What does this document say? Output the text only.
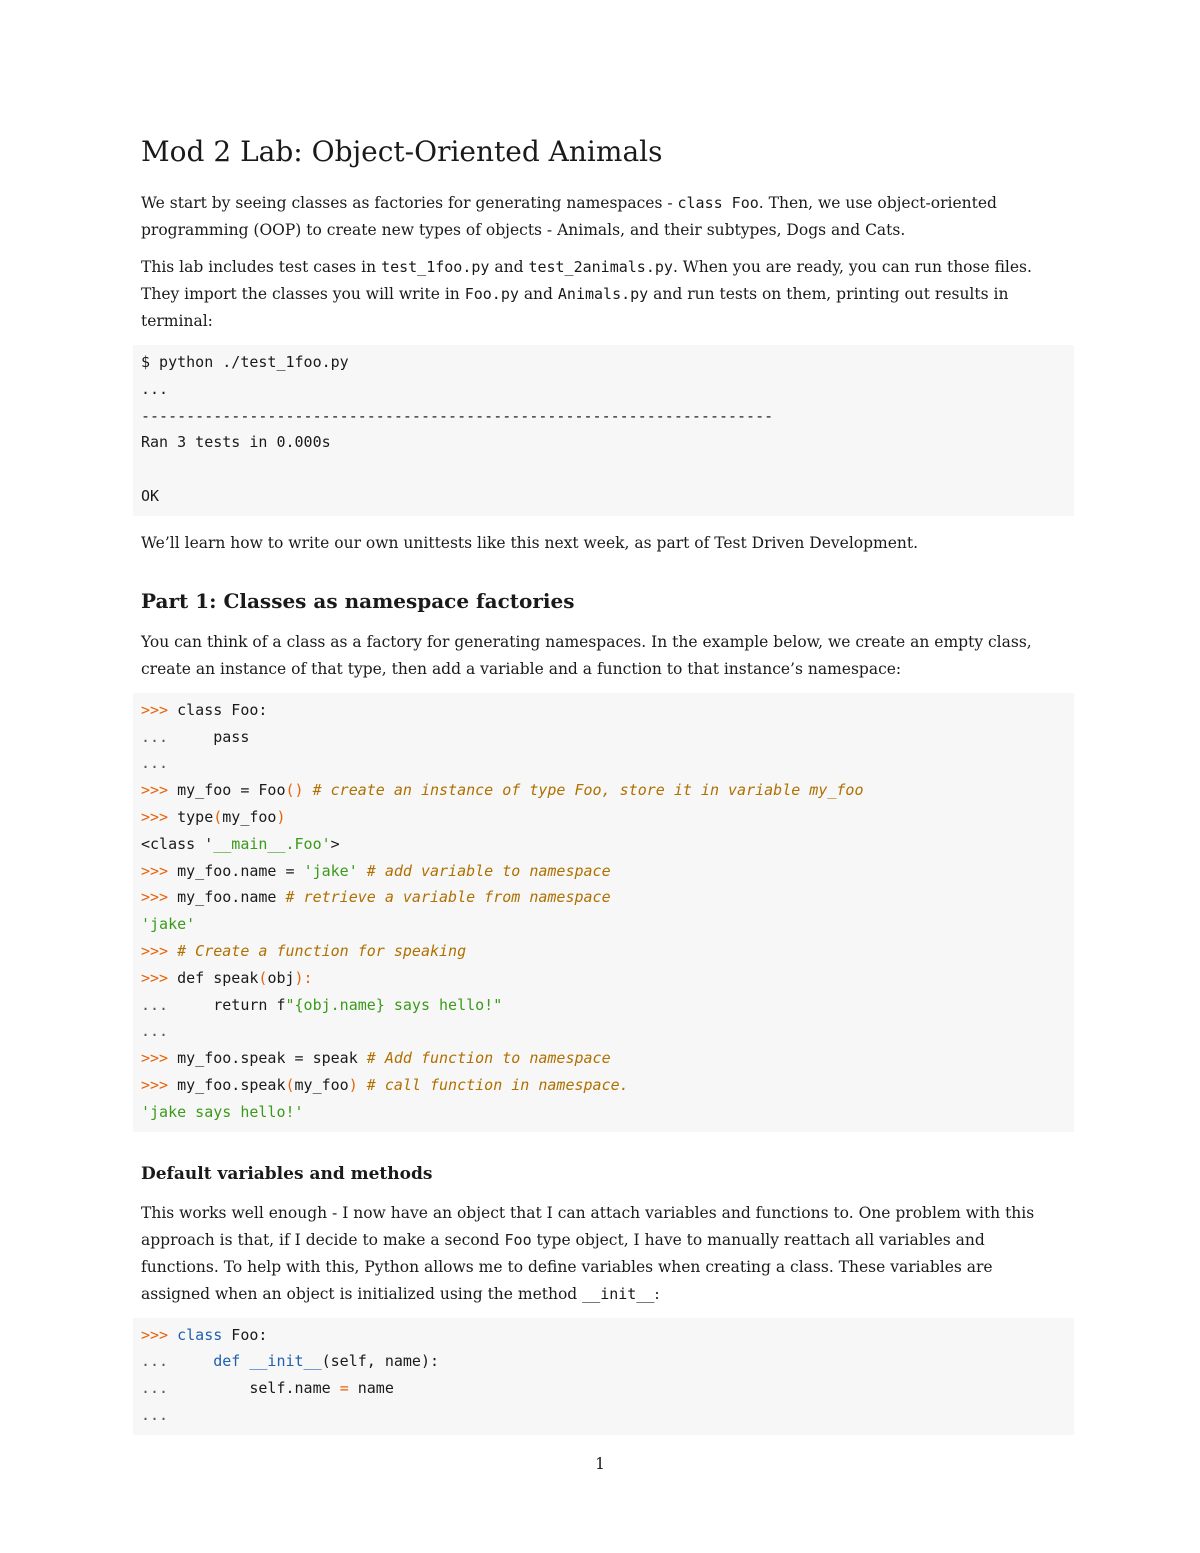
Mod 2 Lab: Object-Oriented Animals

We start by seeing classes as factories for generating namespaces - class Foo. Then, we use object-oriented programming (OOP) to create new types of objects - Animals, and their subtypes, Dogs and Cats.

This lab includes test cases in test_1foo.py and test_2animals.py. When you are ready, you can run those files. They import the classes you will write in Foo.py and Animals.py and run tests on them, printing out results in terminal:

$ python ./test_1foo.py
...
----------------------------------------------------------------------
Ran 3 tests in 0.000s
OK

We’ll learn how to write our own unittests like this next week, as part of Test Driven Development.

Part 1: Classes as namespace factories

You can think of a class as a factory for generating namespaces. In the example below, we create an empty class, create an instance of that type, then add a variable and a function to that instance’s namespace:

>>> class Foo:
...     pass
...
>>> my_foo = Foo() # create an instance of type Foo, store it in variable my_foo
>>> type(my_foo)
<class '__main__.Foo'>
>>> my_foo.name = 'jake' # add variable to namespace
>>> my_foo.name # retrieve a variable from namespace
'jake'
>>> # Create a function for speaking
>>> def speak(obj):
...     return f"{obj.name} says hello!"
...
>>> my_foo.speak = speak # Add function to namespace
>>> my_foo.speak(my_foo) # call function in namespace.
'jake says hello!'
Default variables and methods

This works well enough - I now have an object that I can attach variables and functions to. One problem with this approach is that, if I decide to make a second Foo type object, I have to manually reattach all variables and functions. To help with this, Python allows me to define variables when creating a class. These variables are assigned when an object is initialized using the method __init__:

>>> class Foo:
...     def __init__(self, name):
...         self.name = name
...
1
